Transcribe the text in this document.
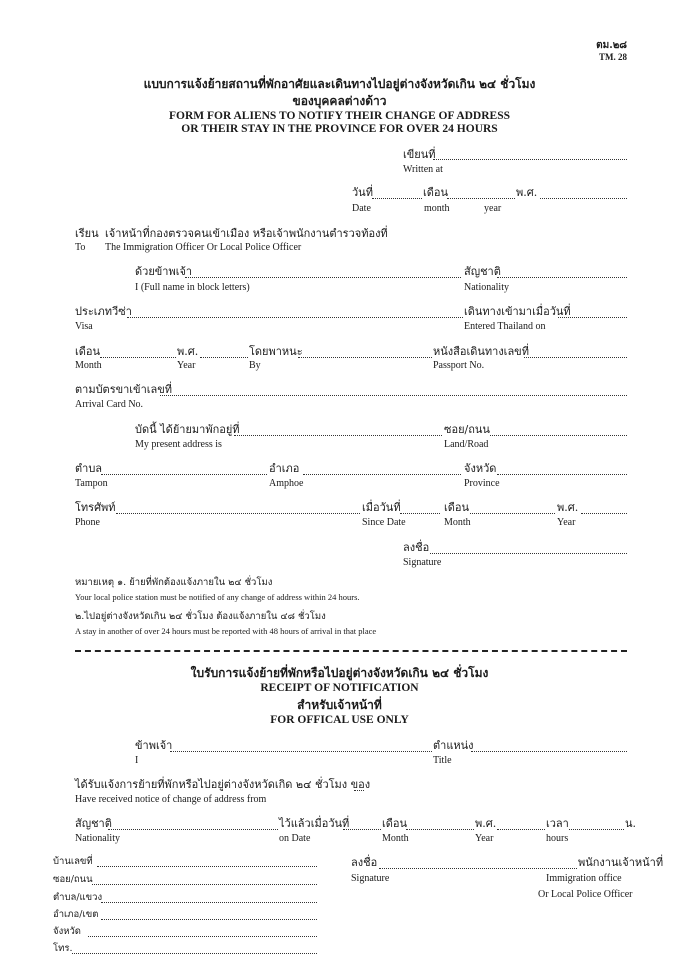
ตม.๒๘
TM. 28
แบบการแจ้งย้ายสถานที่พักอาศัยและเดินทางไปอยู่ต่างจังหวัดเกิน ๒๔ ชั่วโมง
ของบุคคลต่างด้าว
FORM FOR ALIENS TO NOTIFY THEIR CHANGE OF ADDRESS
OR THEIR STAY IN THE PROVINCE FOR OVER 24 HOURS
เขียนที่
Written at
วันที่	เดือน	พ.ศ.
Date	month	year
เรียน เจ้าหน้าที่กองตรวจคนเข้าเมือง หรือเจ้าพนักงานตำรวจท้องที่
To The Immigration Officer Or Local Police Officer
ด้วยข้าพเจ้า	สัญชาติ
I (Full name in block letters)	Nationality
ประเภทวีซ่า	เดินทางเข้ามาเมื่อวันที่
Visa	Entered Thailand on
เดือน	พ.ศ.	โดยพาหนะ	หนังสือเดินทางเลขที่
Month	Year	By	Passport No.
ตามบัตรขาเข้าเลขที่
Arrival Card No.
บัดนี้ ได้ย้ายมาพักอยู่ที่	ซอย/ถนน
My present address is	Land/Road
ตำบล	อำเภอ	จังหวัด
Tampon	Amphoe	Province
โทรศัพท์	เมื่อวันที่	เดือน	พ.ศ.
Phone	Since Date	Month	Year
ลงชื่อ
Signature
หมายเหตุ ๑. ย้ายที่พักต้องแจ้งภายใน ๒๔ ชั่วโมง
Your local police station must be notified of any change of address within 24 hours.
๒.ไปอยู่ต่างจังหวัดเกิน ๒๔ ชั่วโมง ต้องแจ้งภายใน ๔๘ ชั่วโมง
A stay in another of over 24 hours must be reported with 48 hours of arrival in that place
ใบรับการแจ้งย้ายที่พักหรือไปอยู่ต่างจังหวัดเกิน ๒๔ ชั่วโมง
RECEIPT OF NOTIFICATION
สำหรับเจ้าหน้าที่
FOR OFFICAL USE ONLY
ข้าพเจ้า	ตำแหน่ง
I	Title
ได้รับแจ้งการย้ายที่พักหรือไปอยู่ต่างจังหวัดเกิด ๒๔ ชั่วโมง ของ
Have received notice of change of address from
สัญชาติ	ไว้แล้วเมื่อวันที่	เดือน	พ.ศ.	เวลา	น.
Nationality	on Date	Month	Year	hours
บ้านเลขที่
ซอย/ถนน
ตำบล/แขวง
อำเภอ/เขต
จังหวัด
โทร.
ลงชื่อ	พนักงานเจ้าหน้าที่
Signature	Immigration office
Or Local Police Officer
